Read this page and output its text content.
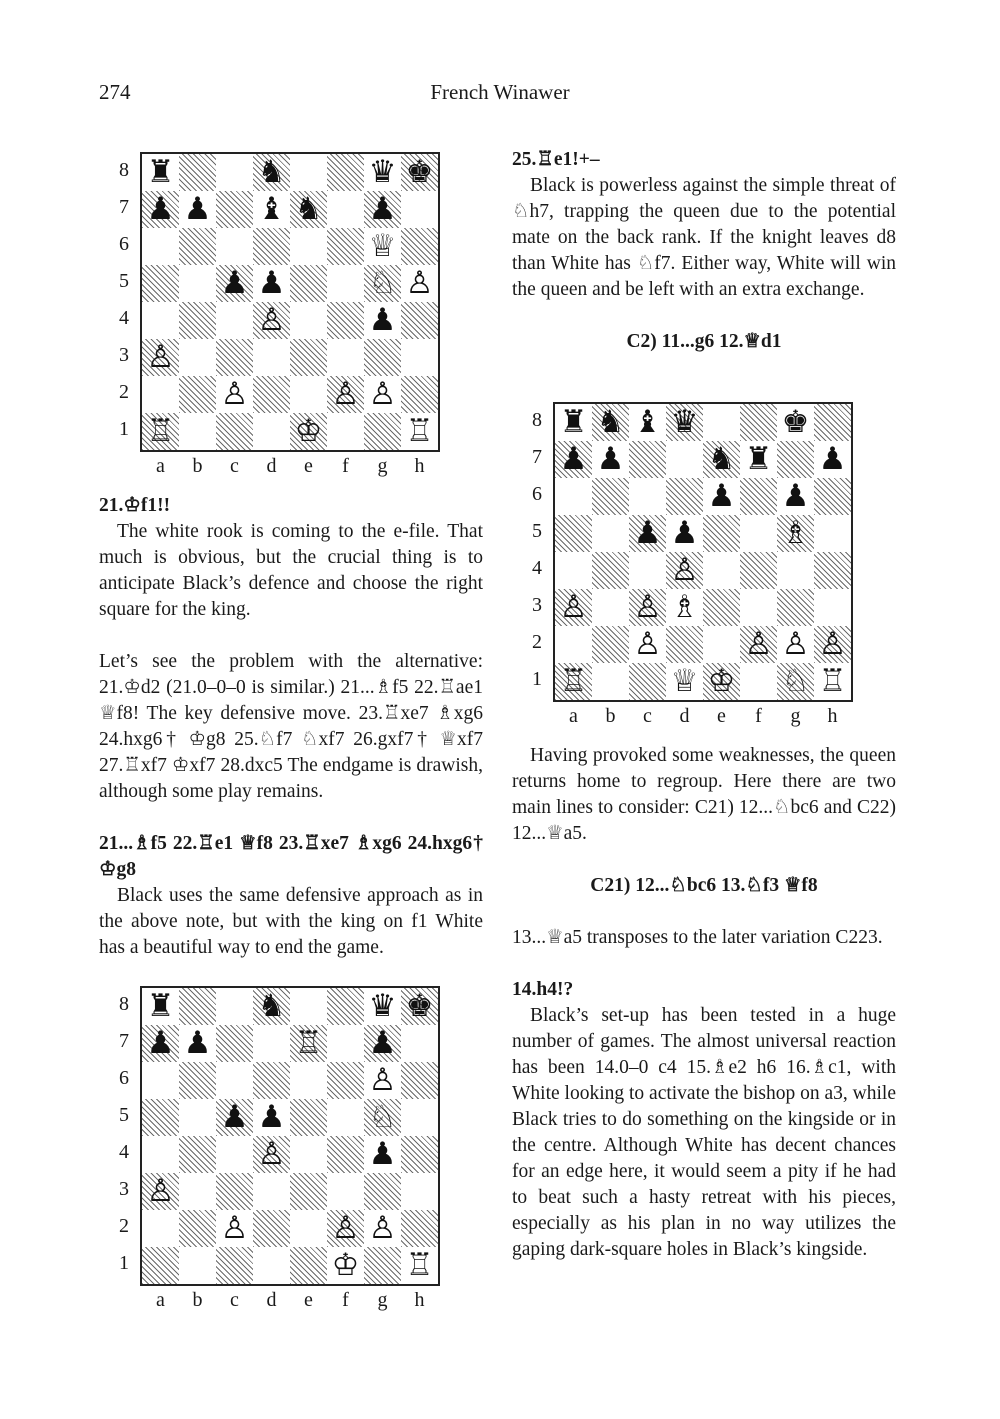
274	French Winawer
♜	♞	♛ ♚
♟ ♟ ♝ ♞ ♟
♕
♟ ♟	♘ ♙
♙	♟
♙
♙	♙ ♙
♖	♔	♖
8
7
6
5
4
3
2
1
a	b	c	d	e	f	g	h

21.♔f1!!

The white rook is coming to the e-file. That much is obvious, but the crucial thing is to anticipate Black’s defence and choose the right square for the king.

Let’s see the problem with the alternative: 21.♔d2 (21.0–0–0 is similar.) 21...♗f5 22.♖ae1 ♕f8! The key defensive move. 23.♖xe7 ♗xg6 24.hxg6† ♔g8 25.♘f7 ♘xf7 26.gxf7† ♕xf7 27.♖xf7 ♔xf7 28.dxc5 The endgame is drawish, although some play remains.

21...♗f5 22.♖e1 ♕f8 23.♖xe7 ♗xg6 24.hxg6† ♔g8

Black uses the same defensive approach as in the above note, but with the king on f1 White has a beautiful way to end the game.

♜	♞	♛ ♚
♟ ♟	♖ ♟
♙
♟ ♟	♘
♙	♟
♙
♙	♙ ♙
♔ ♖
8
7
6
5
4
3
2
1
a	b	c	d	e	f	g	h

25.♖e1!+–

Black is powerless against the simple threat of ♘h7, trapping the queen due to the potential mate on the back rank. If the knight leaves d8 than White has ♘f7. Either way, White will win the queen and be left with an extra exchange.

C2) 11...g6 12.♕d1

♜ ♞ ♝ ♛	♚
♟ ♟	♞ ♜ ♟
♟ ♟
♟ ♟	♗
♙
♙ ♙ ♗
♙	♙ ♙ ♙
♖	♕ ♔ ♘ ♖
8
7
6
5
4
3
2
1
a	b	c	d	e	f	g	h

Having provoked some weaknesses, the queen returns home to regroup. Here there are two main lines to consider: C21) 12...♘bc6 and C22) 12...♕a5.

C21) 12...♘bc6 13.♘f3 ♕f8

13...♕a5 transposes to the later variation C223.

14.h4!?

Black’s set-up has been tested in a huge number of games. The almost universal reaction has been 14.0–0 c4 15.♗e2 h6 16.♗c1, with White looking to activate the bishop on a3, while Black tries to do something on the kingside or in the centre. Although White has decent chances for an edge here, it would seem a pity if he had to beat such a hasty retreat with his pieces, especially as his plan in no way utilizes the gaping dark-square holes in Black’s kingside.
